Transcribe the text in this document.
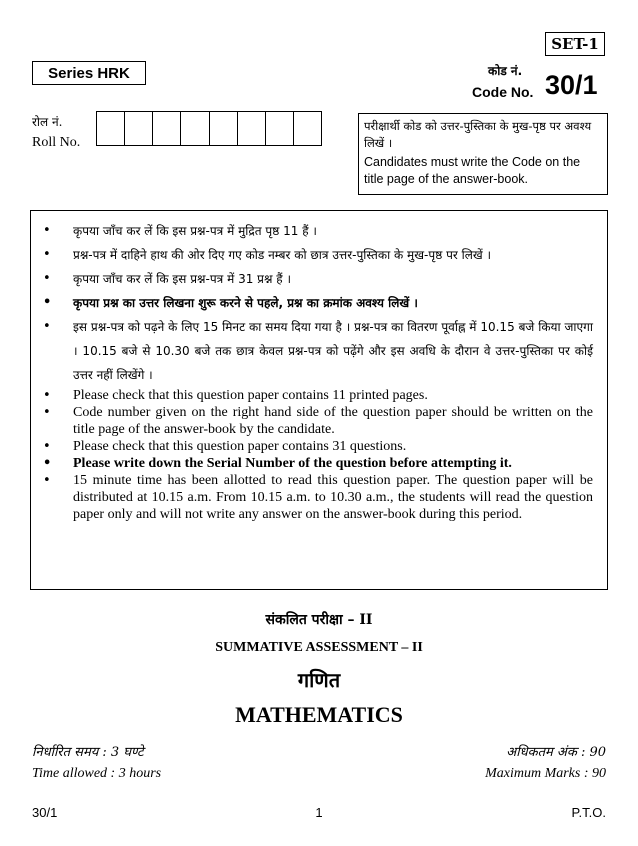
SET-1
Series HRK	कोड नं.
Code No. 30/1
रोल नं.
Roll No.
परीक्षार्थी कोड को उत्तर-पुस्तिका के मुख-पृष्ठ पर अवश्य लिखें ।
Candidates must write the Code on the title page of the answer-book.
• कृपया जाँच कर लें कि इस प्रश्न-पत्र में मुद्रित पृष्ठ 11 हैं ।
• प्रश्न-पत्र में दाहिने हाथ की ओर दिए गए कोड नम्बर को छात्र उत्तर-पुस्तिका के मुख-पृष्ठ पर लिखें ।
• कृपया जाँच कर लें कि इस प्रश्न-पत्र में 31 प्रश्न हैं ।
• कृपया प्रश्न का उत्तर लिखना शुरू करने से पहले, प्रश्न का क्रमांक अवश्य लिखें ।
• इस प्रश्न-पत्र को पढ़ने के लिए 15 मिनट का समय दिया गया है । प्रश्न-पत्र का वितरण पूर्वाह्न में 10.15 बजे किया जाएगा । 10.15 बजे से 10.30 बजे तक छात्र केवल प्रश्न-पत्र को पढ़ेंगे और इस अवधि के दौरान वे उत्तर-पुस्तिका पर कोई उत्तर नहीं लिखेंगे ।
• Please check that this question paper contains 11 printed pages.
• Code number given on the right hand side of the question paper should be written on the title page of the answer-book by the candidate.
• Please check that this question paper contains 31 questions.
• Please write down the Serial Number of the question before attempting it.
• 15 minute time has been allotted to read this question paper. The question paper will be distributed at 10.15 a.m. From 10.15 a.m. to 10.30 a.m., the students will read the question paper only and will not write any answer on the answer-book during this period.
संकलित परीक्षा – II
SUMMATIVE ASSESSMENT – II
गणित
MATHEMATICS
निर्धारित समय : 3 घण्टे
Time allowed : 3 hours
अधिकतम अंक : 90
Maximum Marks : 90
30/1	1	P.T.O.
